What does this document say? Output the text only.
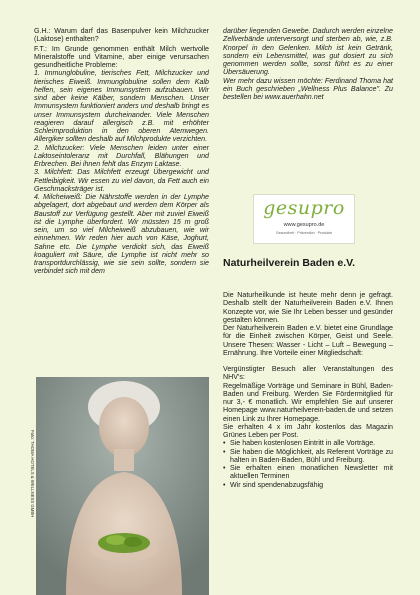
G.H.: Warum darf das Basenpulver kein Milchzucker (Laktose) enthalten?

F.T.: Im Grunde genommen enthält Milch wertvolle Mineralstoffe und Vitamine, aber einige verursachen gesundheitliche Probleme:

1. Immunglobuline, tierisches Fett, Milchzucker und tierisches Eiweiß. Immunglobuline sollen dem Kalb helfen, sein eigenes Immunsystem aufzubauen. Wir sind aber keine Kälber, sondern Menschen. Unser Immunsystem funktioniert anders und deshalb bringt es unser Immunsystem durcheinander. Viele Menschen reagieren darauf allergisch z.B. mit erhöhter Schleimproduktion in den oberen Atemwegen. Allergiker sollten deshalb auf Milchprodukte verzichten.

2. Milchzucker: Viele Menschen leiden unter einer Laktoseintoleranz mit Durchfall, Blähungen und Erbrechen. Bei ihnen fehlt das Enzym Laktase.

3. Milchfett: Das Milchfett erzeugt Übergewicht und Fettleibigkeit. Wir essen zu viel davon, da Fett auch ein Geschmacksträger ist.

4. Milcheiweiß: Die Nährstoffe werden in der Lymphe abgelagert, dort abgebaut und werden dem Körper als Baustoff zur Verfügung gestellt. Aber mit zuviel Eiweiß ist die Lymphe überfordert. Wir müssten 15 m groß sein, um so viel Milcheiweiß abzubauen, wie wir einnehmen. Wir reden hier auch von Käse, Joghurt, Sahne etc. Die Lymphe verdickt sich, das Eiweiß koaguliert mit Säure, die Lymphe ist nicht mehr so transportdurchlässig, wie sie sein sollte, sondern sie verbindet sich mit dem

darüber liegenden Gewebe. Dadurch werden einzelne Zellverbände unterversorgt und sterben ab, wie, z.B. Knorpel in den Gelenken. Milch ist kein Getränk, sondern ein Lebensmittel, was gut dosiert zu sich genommen werden sollte, sonst führt es zu einer Übersäuerung.

Wer mehr dazu wissen möchte: Ferdinand Thoma hat ein Buch geschrieben „Wellness Plus Balance". Zu bestellen bei www.auerhahn.net

gesupro
www.gesupro.de
Gesundheit · Prävention · Produkte
Naturheilverein Baden e.V.

Die Naturheilkunde ist heute mehr denn je gefragt. Deshalb stellt der Naturheilverein Baden e.V. Ihnen Konzepte vor, wie Sie Ihr Leben besser und gesünder gestalten können.

Der Naturheilverein Baden e.V. bietet eine Grundlage für die Einheit zwischen Körper, Geist und Seele. Unsere Thesen: Wasser - Licht – Luft – Bewegung – Ernährung. Ihre Vorteile einer Mitgliedschaft:

Vergünstigter Besuch aller Veranstaltungen des NHV's:

Regelmäßige Vorträge und Seminare in Bühl, Baden-Baden und Freiburg. Werden Sie Fördermitglied für nur 3,- € monatlich. Wir empfehlen Sie auf unserer Homepage www.naturheilverein-baden.de und setzen einen Link zu Ihrer Homepage.

Sie erhalten 4 x im Jahr kostenlos das Magazin Grünes Leben per Post.

• Sie haben kostenlosen Eintritt in alle Vorträge.
• Sie haben die Möglichkeit, als Referent Vorträge zu halten in Baden-Baden, Bühl und Freiburg.
• Sie erhalten einen monatlichen Newsletter mit aktuellen Terminen
• Wir sind spendenabzugsfähig
Foto: THOMA HOTELS & WELLNESS GMBH
